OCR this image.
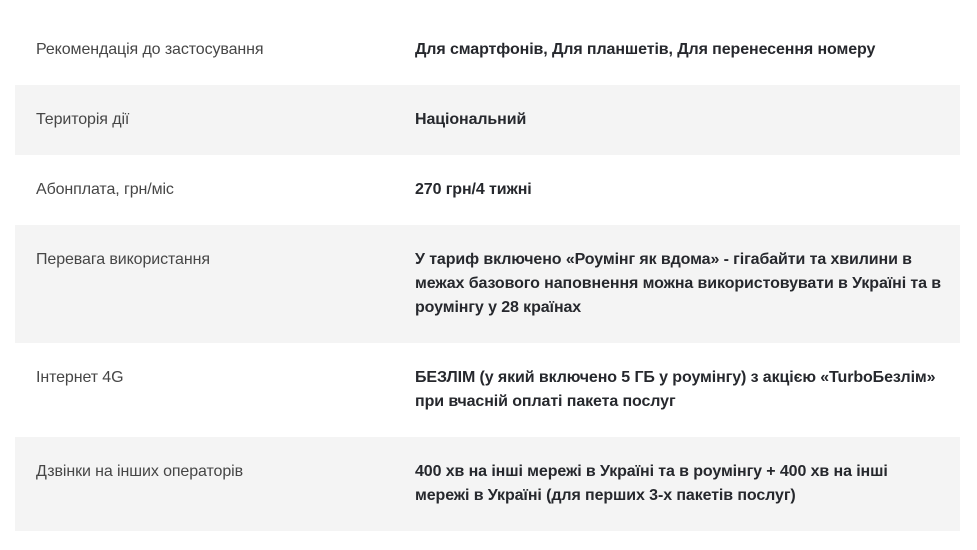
Рекомендація до застосування	Для смартфонів, Для планшетів, Для перенесення номеру
Територія дії	Національний
Абонплата, грн/міс	270 грн/4 тижні
Перевага використання	У тариф включено «Роумінг як вдома» - гігабайти та хвилини в межах базового наповнення можна використовувати в Україні та в роумінгу у 28 країнах
Інтернет 4G	БЕЗЛІМ (у який включено 5 ГБ у роумінгу) з акцією «TurboБезлім» при вчасній оплаті пакета послуг
Дзвінки на інших операторів	400 хв на інші мережі в Україні та в роумінгу + 400 хв на інші мережі в Україні (для перших 3-х пакетів послуг)
